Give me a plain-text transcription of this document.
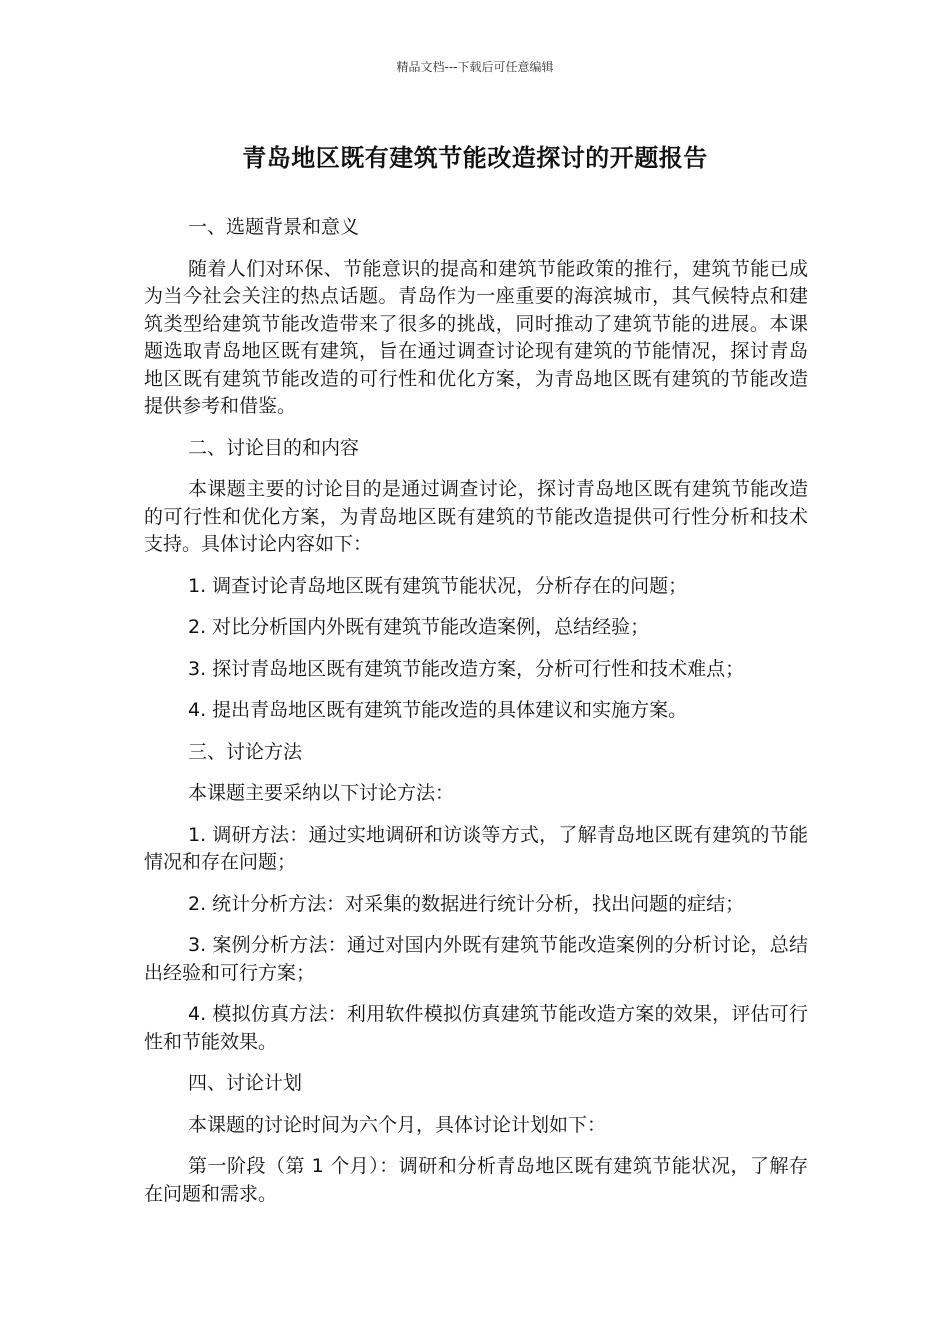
精品文档---下载后可任意编辑
青岛地区既有建筑节能改造探讨的开题报告

一、选题背景和意义

随着人们对环保、节能意识的提高和建筑节能政策的推行，建筑节能已成为当今社会关注的热点话题。青岛作为一座重要的海滨城市，其气候特点和建筑类型给建筑节能改造带来了很多的挑战，同时推动了建筑节能的进展。本课题选取青岛地区既有建筑，旨在通过调查讨论现有建筑的节能情况，探讨青岛地区既有建筑节能改造的可行性和优化方案，为青岛地区既有建筑的节能改造提供参考和借鉴。

二、讨论目的和内容

本课题主要的讨论目的是通过调查讨论，探讨青岛地区既有建筑节能改造的可行性和优化方案，为青岛地区既有建筑的节能改造提供可行性分析和技术支持。具体讨论内容如下：

1. 调查讨论青岛地区既有建筑节能状况，分析存在的问题；

2. 对比分析国内外既有建筑节能改造案例，总结经验；

3. 探讨青岛地区既有建筑节能改造方案，分析可行性和技术难点；

4. 提出青岛地区既有建筑节能改造的具体建议和实施方案。

三、讨论方法

本课题主要采纳以下讨论方法：

1. 调研方法：通过实地调研和访谈等方式，了解青岛地区既有建筑的节能情况和存在问题；

2. 统计分析方法：对采集的数据进行统计分析，找出问题的症结；

3. 案例分析方法：通过对国内外既有建筑节能改造案例的分析讨论，总结出经验和可行方案；

4. 模拟仿真方法：利用软件模拟仿真建筑节能改造方案的效果，评估可行性和节能效果。

四、讨论计划

本课题的讨论时间为六个月，具体讨论计划如下：

第一阶段（第 1 个月）：调研和分析青岛地区既有建筑节能状况，了解存在问题和需求。
